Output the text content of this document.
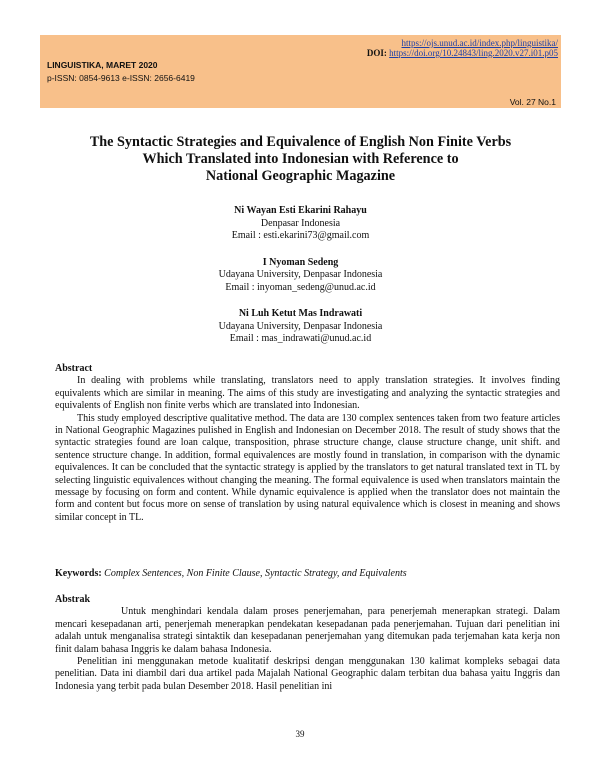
https://ojs.unud.ac.id/index.php/linguistika/
DOI: https://doi.org/10.24843/ling.2020.v27.i01.p05
LINGUISTIKA, MARET 2020
p-ISSN: 0854-9613 e-ISSN: 2656-6419
Vol. 27 No.1
The Syntactic Strategies and Equivalence of English Non Finite Verbs
Which Translated into Indonesian with Reference to
National Geographic Magazine
Ni Wayan Esti Ekarini Rahayu
Denpasar Indonesia
Email : esti.ekarini73@gmail.com
I Nyoman Sedeng
Udayana University, Denpasar Indonesia
Email : inyoman_sedeng@unud.ac.id
Ni Luh Ketut Mas Indrawati
Udayana University, Denpasar Indonesia
Email : mas_indrawati@unud.ac.id

Abstract

In dealing with problems while translating, translators need to apply translation strategies. It involves finding equivalents which are similar in meaning. The aims of this study are investigating and analyzing the syntactic strategies and equivalents of English non finite verbs which are translated into Indonesian.

This study employed descriptive qualitative method. The data are 130 complex sentences taken from two feature articles in National Geographic Magazines pulished in English and Indonesian on December 2018. The result of study shows that the syntactic strategies found are loan calque, transposition, phrase structure change, clause structure change, unit shift. and sentence structure change. In addition, formal equivalences are mostly found in translation, in comparison with the dynamic equivalences. It can be concluded that the syntactic strategy is applied by the translators to get natural translated text in TL by selecting linguistic equivalences without changing the meaning. The formal equivalence is used when translators maintain the message by focusing on form and content. While dynamic equivalence is applied when the translator does not maintain the form and content but focus more on sense of translation by using natural equivalence which is closest in meaning and shows similar concept in TL.

Keywords: Complex Sentences, Non Finite Clause, Syntactic Strategy, and Equivalents

Abstrak

Untuk menghindari kendala dalam proses penerjemahan, para penerjemah menerapkan strategi. Dalam mencari kesepadanan arti, penerjemah menerapkan pendekatan kesepadanan pada penerjemahan. Tujuan dari penelitian ini adalah untuk menganalisa strategi sintaktik dan kesepadanan penerjemahan yang ditemukan pada terjemahan kata kerja non finit dalam bahasa Inggris ke dalam bahasa Indonesia.

Penelitian ini menggunakan metode kualitatif deskripsi dengan menggunakan 130 kalimat kompleks sebagai data penelitian. Data ini diambil dari dua artikel pada Majalah National Geographic dalam terbitan dua bahasa yaitu Inggris dan Indonesia yang terbit pada bulan Desember 2018. Hasil penelitian ini

39
